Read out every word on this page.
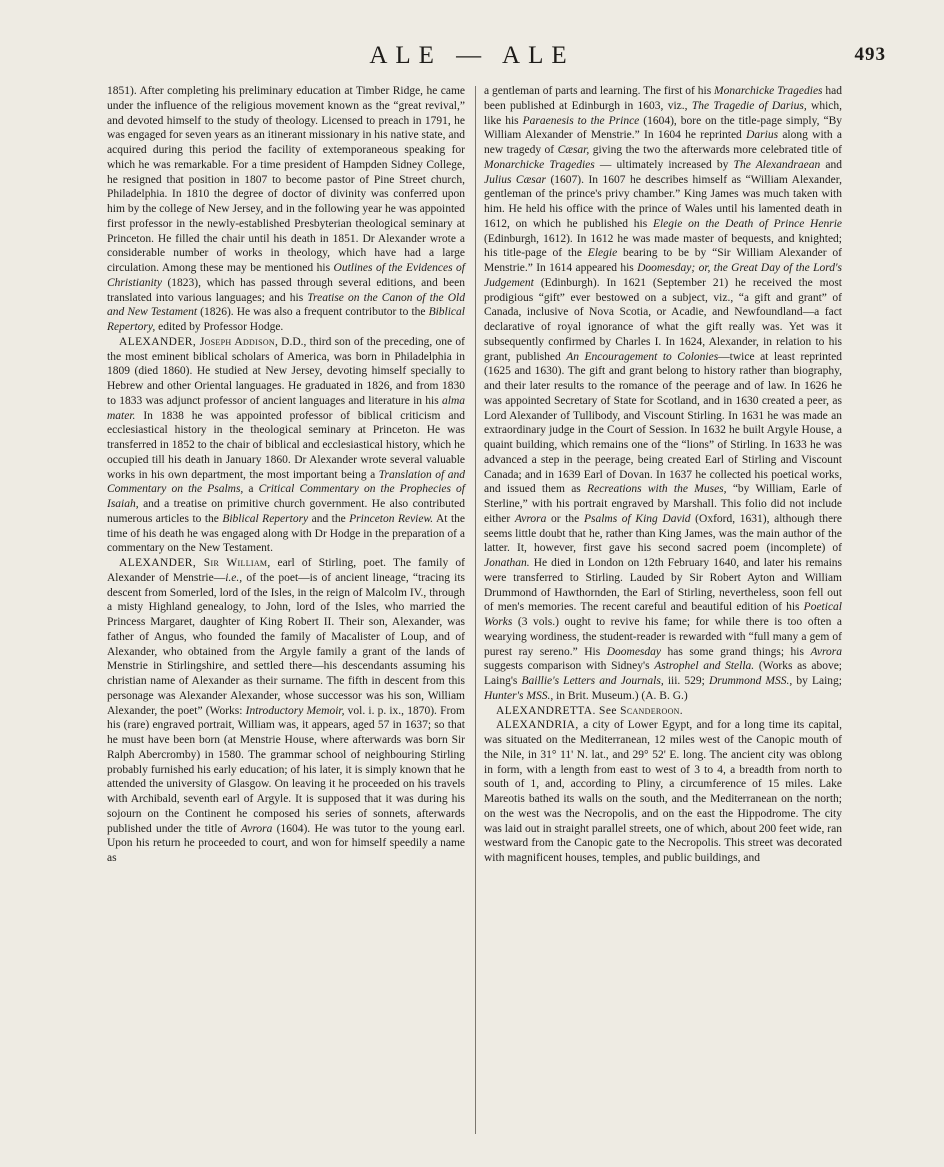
ALE — ALE	493

1851). After completing his preliminary education at Timber Ridge, he came under the influence of the religious movement known as the “great revival,” and devoted himself to the study of theology. Licensed to preach in 1791, he was engaged for seven years as an itinerant missionary in his native state, and acquired during this period the facility of extemporaneous speaking for which he was remarkable. For a time president of Hampden Sidney College, he resigned that position in 1807 to become pastor of Pine Street church, Philadelphia. In 1810 the degree of doctor of divinity was conferred upon him by the college of New Jersey, and in the following year he was appointed first professor in the newly-established Presbyterian theological seminary at Princeton. He filled the chair until his death in 1851. Dr Alexander wrote a considerable number of works in theology, which have had a large circulation. Among these may be mentioned his Outlines of the Evidences of Christianity (1823), which has passed through several editions, and been translated into various languages; and his Treatise on the Canon of the Old and New Testament (1826). He was also a frequent contributor to the Biblical Repertory, edited by Professor Hodge.

ALEXANDER, Joseph Addison, D.D., third son of the preceding, one of the most eminent biblical scholars of America, was born in Philadelphia in 1809 (died 1860). He studied at New Jersey, devoting himself specially to Hebrew and other Oriental languages. He graduated in 1826, and from 1830 to 1833 was adjunct professor of ancient languages and literature in his alma mater. In 1838 he was appointed professor of biblical criticism and ecclesiastical history in the theological seminary at Princeton. He was transferred in 1852 to the chair of biblical and ecclesiastical history, which he occupied till his death in January 1860. Dr Alexander wrote several valuable works in his own department, the most important being a Translation of and Commentary on the Psalms, a Critical Commentary on the Prophecies of Isaiah, and a treatise on primitive church government. He also contributed numerous articles to the Biblical Repertory and the Princeton Review. At the time of his death he was engaged along with Dr Hodge in the preparation of a commentary on the New Testament.

ALEXANDER, Sir William, earl of Stirling, poet. The family of Alexander of Menstrie—i.e., of the poet—is of ancient lineage, “tracing its descent from Somerled, lord of the Isles, in the reign of Malcolm IV., through a misty Highland genealogy, to John, lord of the Isles, who married the Princess Margaret, daughter of King Robert II. Their son, Alexander, was father of Angus, who founded the family of Macalister of Loup, and of Alexander, who obtained from the Argyle family a grant of the lands of Menstrie in Stirlingshire, and settled there—his descendants assuming his christian name of Alexander as their surname. The fifth in descent from this personage was Alexander Alexander, whose successor was his son, William Alexander, the poet” (Works: Introductory Memoir, vol. i. p. ix., 1870). From his (rare) engraved portrait, William was, it appears, aged 57 in 1637; so that he must have been born (at Menstrie House, where afterwards was born Sir Ralph Abercromby) in 1580. The grammar school of neighbouring Stirling probably furnished his early education; of his later, it is simply known that he attended the university of Glasgow. On leaving it he proceeded on his travels with Archibald, seventh earl of Argyle. It is supposed that it was during his sojourn on the Continent he composed his series of sonnets, afterwards published under the title of Avrora (1604). He was tutor to the young earl. Upon his return he proceeded to court, and won for himself speedily a name as

a gentleman of parts and learning. The first of his Monarchicke Tragedies had been published at Edinburgh in 1603, viz., The Tragedie of Darius, which, like his Paraenesis to the Prince (1604), bore on the title-page simply, “By William Alexander of Menstrie.” In 1604 he reprinted Darius along with a new tragedy of Cæsar, giving the two the afterwards more celebrated title of Monarchicke Tragedies — ultimately increased by The Alexandraean and Julius Cæsar (1607). In 1607 he describes himself as “William Alexander, gentleman of the prince's privy chamber.” King James was much taken with him. He held his office with the prince of Wales until his lamented death in 1612, on which he published his Elegie on the Death of Prince Henrie (Edinburgh, 1612). In 1612 he was made master of bequests, and knighted; his title-page of the Elegie bearing to be by “Sir William Alexander of Menstrie.” In 1614 appeared his Doomesday; or, the Great Day of the Lord's Judgement (Edinburgh). In 1621 (September 21) he received the most prodigious “gift” ever bestowed on a subject, viz., “a gift and grant” of Canada, inclusive of Nova Scotia, or Acadie, and Newfoundland—a fact declarative of royal ignorance of what the gift really was. Yet was it subsequently confirmed by Charles I. In 1624, Alexander, in relation to his grant, published An Encouragement to Colonies—twice at least reprinted (1625 and 1630). The gift and grant belong to history rather than biography, and their later results to the romance of the peerage and of law. In 1626 he was appointed Secretary of State for Scotland, and in 1630 created a peer, as Lord Alexander of Tullibody, and Viscount Stirling. In 1631 he was made an extraordinary judge in the Court of Session. In 1632 he built Argyle House, a quaint building, which remains one of the “lions” of Stirling. In 1633 he was advanced a step in the peerage, being created Earl of Stirling and Viscount Canada; and in 1639 Earl of Dovan. In 1637 he collected his poetical works, and issued them as Recreations with the Muses, “by William, Earle of Sterline,” with his portrait engraved by Marshall. This folio did not include either Avrora or the Psalms of King David (Oxford, 1631), although there seems little doubt that he, rather than King James, was the main author of the latter. It, however, first gave his second sacred poem (incomplete) of Jonathan. He died in London on 12th February 1640, and later his remains were transferred to Stirling. Lauded by Sir Robert Ayton and William Drummond of Hawthornden, the Earl of Stirling, nevertheless, soon fell out of men's memories. The recent careful and beautiful edition of his Poetical Works (3 vols.) ought to revive his fame; for while there is too often a wearying wordiness, the student-reader is rewarded with “full many a gem of purest ray sereno.” His Doomesday has some grand things; his Avrora suggests comparison with Sidney's Astrophel and Stella. (Works as above; Laing's Baillie's Letters and Journals, iii. 529; Drummond MSS., by Laing; Hunter's MSS., in Brit. Museum.) (A. B. G.)

ALEXANDRETTA. See Scanderoon.

ALEXANDRIA, a city of Lower Egypt, and for a long time its capital, was situated on the Mediterranean, 12 miles west of the Canopic mouth of the Nile, in 31° 11' N. lat., and 29° 52' E. long. The ancient city was oblong in form, with a length from east to west of 3 to 4, a breadth from north to south of 1, and, according to Pliny, a circumference of 15 miles. Lake Mareotis bathed its walls on the south, and the Mediterranean on the north; on the west was the Necropolis, and on the east the Hippodrome. The city was laid out in straight parallel streets, one of which, about 200 feet wide, ran westward from the Canopic gate to the Necropolis. This street was decorated with magnificent houses, temples, and public buildings, and
